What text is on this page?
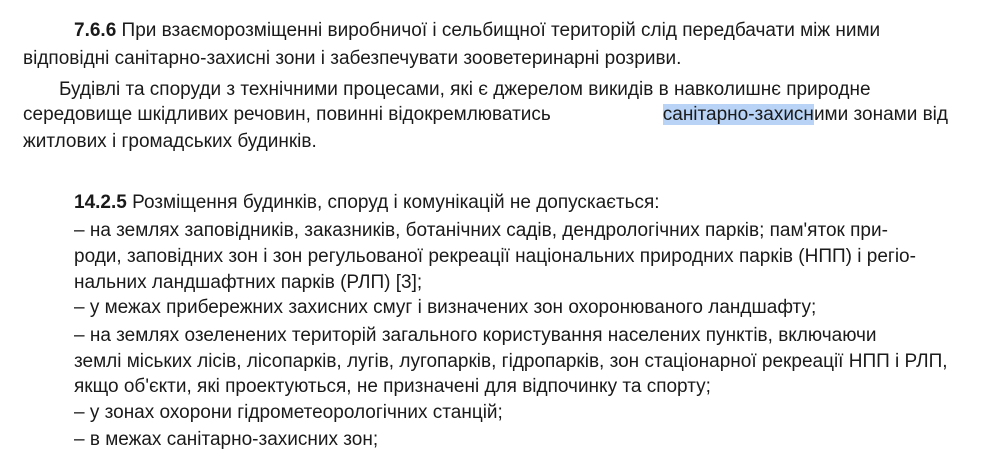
7.6.6 При взаєморозміщенні виробничої і сельбищної територій слід передбачати між ними
відповідні санітарно-захисні зони і забезпечувати зооветеринарні розриви.
Будівлі та споруди з технічними процесами, які є джерелом викидів в навколишнє природне
середовище шкідливих речовин, повинні відокремлюватись	санітарно-захисними зонами від
житлових і громадських будинків.
14.2.5 Розміщення будинків, споруд і комунікацій не допускається:
– на землях заповідників, заказників, ботанічних садів, дендрологічних парків; пам'яток при-
роди, заповідних зон і зон регульованої рекреації національних природних парків (НПП) і регіо-
нальних ландшафтних парків (РЛП) [3];
– у межах прибережних захисних смуг і визначених зон охоронюваного ландшафту;
– на землях озеленених територій загального користування населених пунктів, включаючи
землі міських лісів, лісопарків, лугів, лугопарків, гідропарків, зон стаціонарної рекреації НПП і РЛП,
якщо об'єкти, які проектуються, не призначені для відпочинку та спорту;
– у зонах охорони гідрометеорологічних станцій;
– в межах санітарно-захисних зон;
